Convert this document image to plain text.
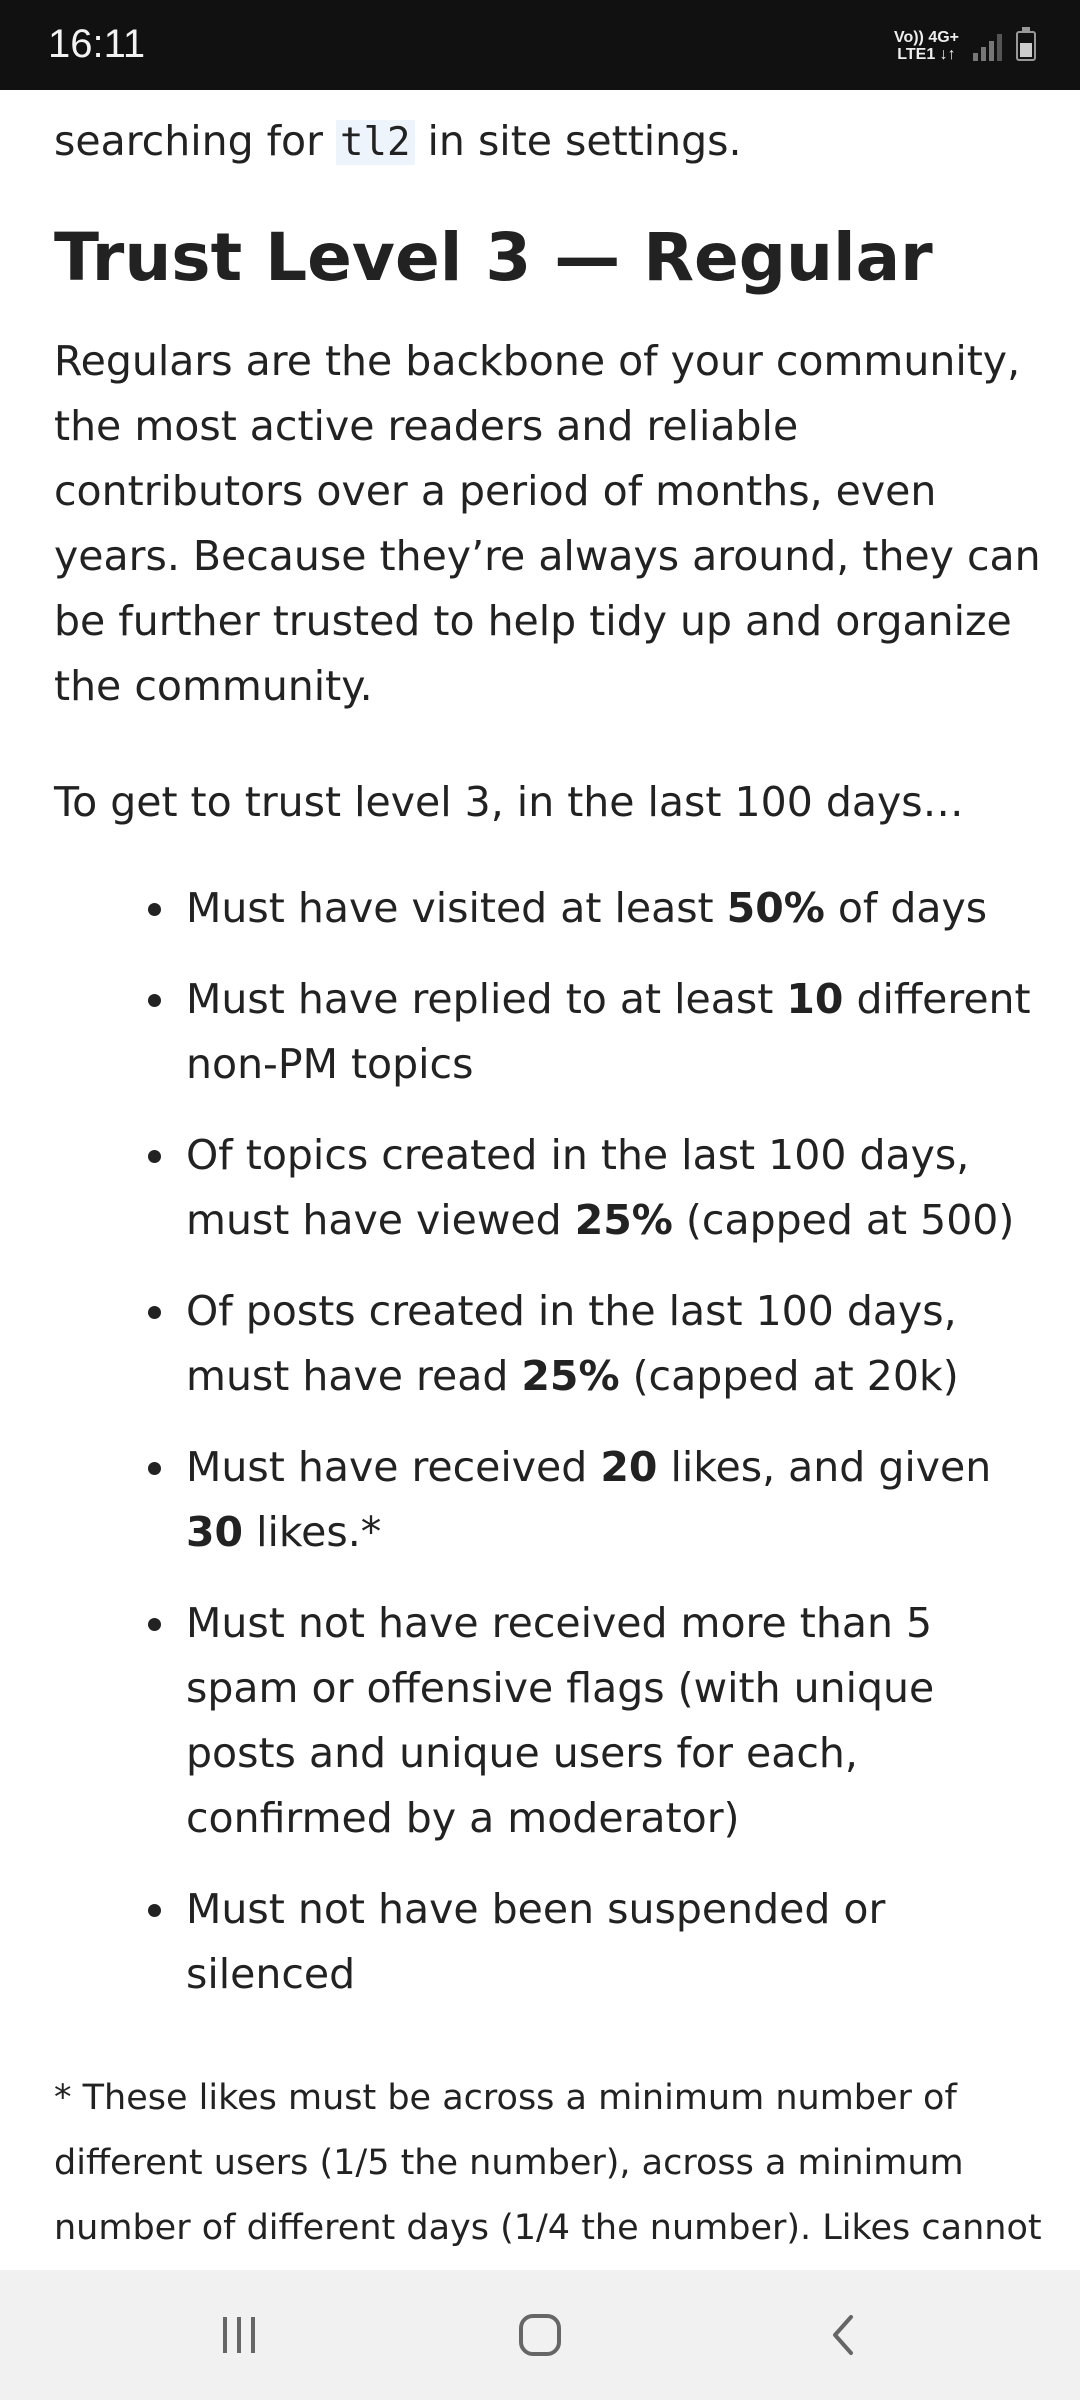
searching for tl2 in site settings.

Trust Level 3 — Regular

Regulars are the backbone of your community, the most active readers and reliable contributors over a period of months, even years. Because they’re always around, they can be further trusted to help tidy up and organize the community.

To get to trust level 3, in the last 100 days…

Must have visited at least 50% of days
Must have replied to at least 10 different non-PM topics
Of topics created in the last 100 days, must have viewed 25% (capped at 500)
Of posts created in the last 100 days, must have read 25% (capped at 20k)
Must have received 20 likes, and given 30 likes.*
Must not have received more than 5 spam or offensive flags (with unique posts and unique users for each, confirmed by a moderator)
Must not have been suspended or silenced

* These likes must be across a minimum number of different users (1/5 the number), across a minimum number of different days (1/4 the number). Likes cannot

16:11	Vo)) 4G+
LTE1 ↓↑
